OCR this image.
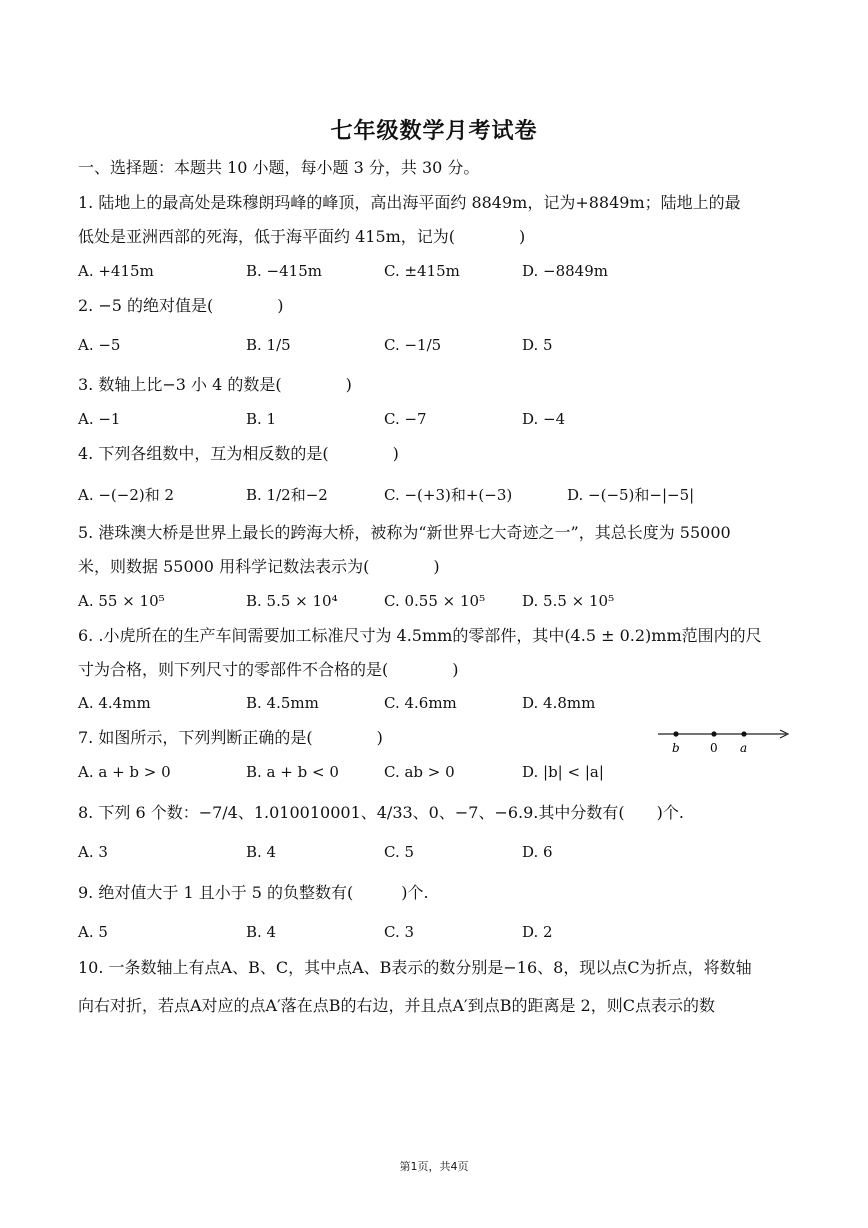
七年级数学月考试卷
一、选择题：本题共 10 小题，每小题 3 分，共 30 分。
1. 陆地上的最高处是珠穆朗玛峰的峰顶，高出海平面约 8849m，记为+8849m；陆地上的最
低处是亚洲西部的死海，低于海平面约 415m，记为(　　　　)
A. +415m	B. −415m	C. ±415m	D. −8849m
2. −5 的绝对值是(　　　　)
A. −5	B. 1/5	C. −1/5	D. 5
3. 数轴上比−3 小 4 的数是(　　　　)
A. −1	B. 1	C. −7	D. −4
4. 下列各组数中，互为相反数的是(　　　　)
A. −(−2)和 2	B. 1/2和−2	C. −(+3)和+(−3)	D. −(−5)和−|−5|
5. 港珠澳大桥是世界上最长的跨海大桥，被称为“新世界七大奇迹之一”，其总长度为 55000
米，则数据 55000 用科学记数法表示为(　　　　)
A. 55 × 10⁵	B. 5.5 × 10⁴	C. 0.55 × 10⁵ D. 5.5 × 10⁵
6. .小虎所在的生产车间需要加工标准尺寸为 4.5mm的零部件，其中(4.5 ± 0.2)mm范围内的尺
寸为合格，则下列尺寸的零部件不合格的是(　　　　)
A. 4.4mm	B. 4.5mm	C. 4.6mm	D. 4.8mm
7. 如图所示，下列判断正确的是(　　　　)
b	0 a
A. a + b > 0	B. a + b < 0	C. ab > 0	D. |b| < |a|
8. 下列 6 个数：−7/4、1.010010001、4/33、0、−7、−6.9.其中分数有(　　)个.
A. 3	B. 4	C. 5	D. 6
9. 绝对值大于 1 且小于 5 的负整数有(　　　)个.
A. 5	B. 4	C. 3	D. 2
10. 一条数轴上有点A、B、C，其中点A、B表示的数分别是−16、8，现以点C为折点，将数轴
向右对折，若点A对应的点A′落在点B的右边，并且点A′到点B的距离是 2，则C点表示的数
第1页，共4页
